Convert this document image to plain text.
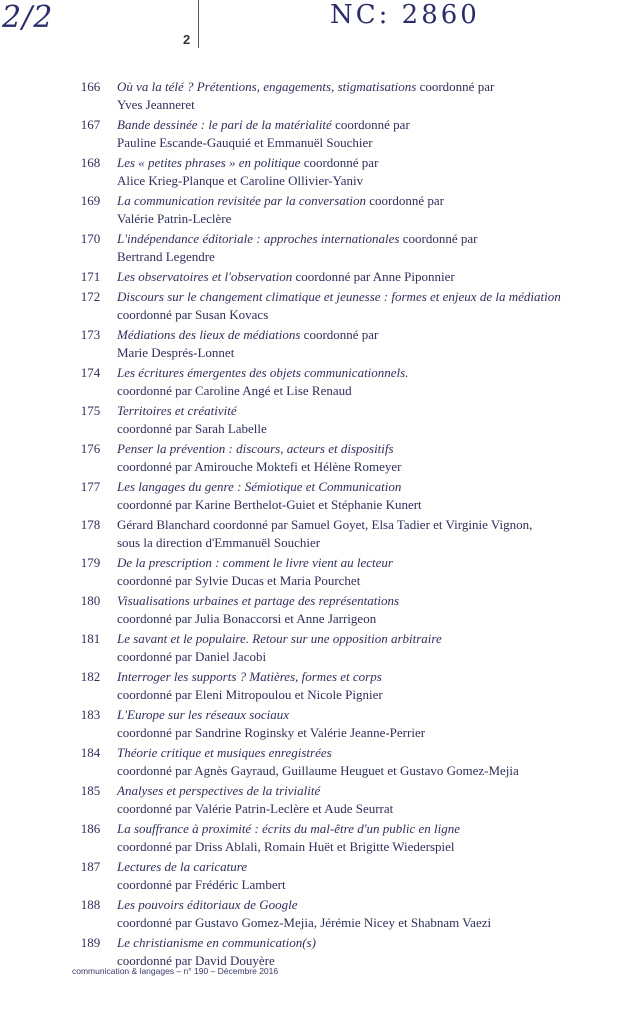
2/2	NC: 2860
2
166	Où va la télé ? Prétentions, engagements, stigmatisations coordonné par
Yves Jeanneret
167	Bande dessinée : le pari de la matérialité coordonné par
Pauline Escande-Gauquié et Emmanuël Souchier
168	Les « petites phrases » en politique coordonné par
Alice Krieg-Planque et Caroline Ollivier-Yaniv
169	La communication revisitée par la conversation coordonné par
Valérie Patrin-Leclère
170	L'indépendance éditoriale : approches internationales coordonné par
Bertrand Legendre
171	Les observatoires et l'observation coordonné par Anne Piponnier
172	Discours sur le changement climatique et jeunesse : formes et enjeux de la médiation
coordonné par Susan Kovacs
173	Médiations des lieux de médiations coordonné par
Marie Després-Lonnet
174	Les écritures émergentes des objets communicationnels.
coordonné par Caroline Angé et Lise Renaud
175	Territoires et créativité
coordonné par Sarah Labelle
176	Penser la prévention : discours, acteurs et dispositifs
coordonné par Amirouche Moktefi et Hélène Romeyer
177	Les langages du genre : Sémiotique et Communication
coordonné par Karine Berthelot-Guiet et Stéphanie Kunert
178	Gérard Blanchard coordonné par Samuel Goyet, Elsa Tadier et Virginie Vignon,
sous la direction d'Emmanuël Souchier
179	De la prescription : comment le livre vient au lecteur
coordonné par Sylvie Ducas et Maria Pourchet
180	Visualisations urbaines et partage des représentations
coordonné par Julia Bonaccorsi et Anne Jarrigeon
181	Le savant et le populaire. Retour sur une opposition arbitraire
coordonné par Daniel Jacobi
182	Interroger les supports ? Matières, formes et corps
coordonné par Eleni Mitropoulou et Nicole Pignier
183	L'Europe sur les réseaux sociaux
coordonné par Sandrine Roginsky et Valérie Jeanne-Perrier
184	Théorie critique et musiques enregistrées
coordonné par Agnès Gayraud, Guillaume Heuguet et Gustavo Gomez-Mejia
185	Analyses et perspectives de la trivialité
coordonné par Valérie Patrin-Leclère et Aude Seurrat
186	La souffrance à proximité : écrits du mal-être d'un public en ligne
coordonné par Driss Ablali, Romain Huët et Brigitte Wiederspiel
187	Lectures de la caricature
coordonné par Frédéric Lambert
188	Les pouvoirs éditoriaux de Google
coordonné par Gustavo Gomez-Mejia, Jérémie Nicey et Shabnam Vaezi
189	Le christianisme en communication(s)
coordonné par David Douyère
communication & langages – n° 190 – Décembre 2016
